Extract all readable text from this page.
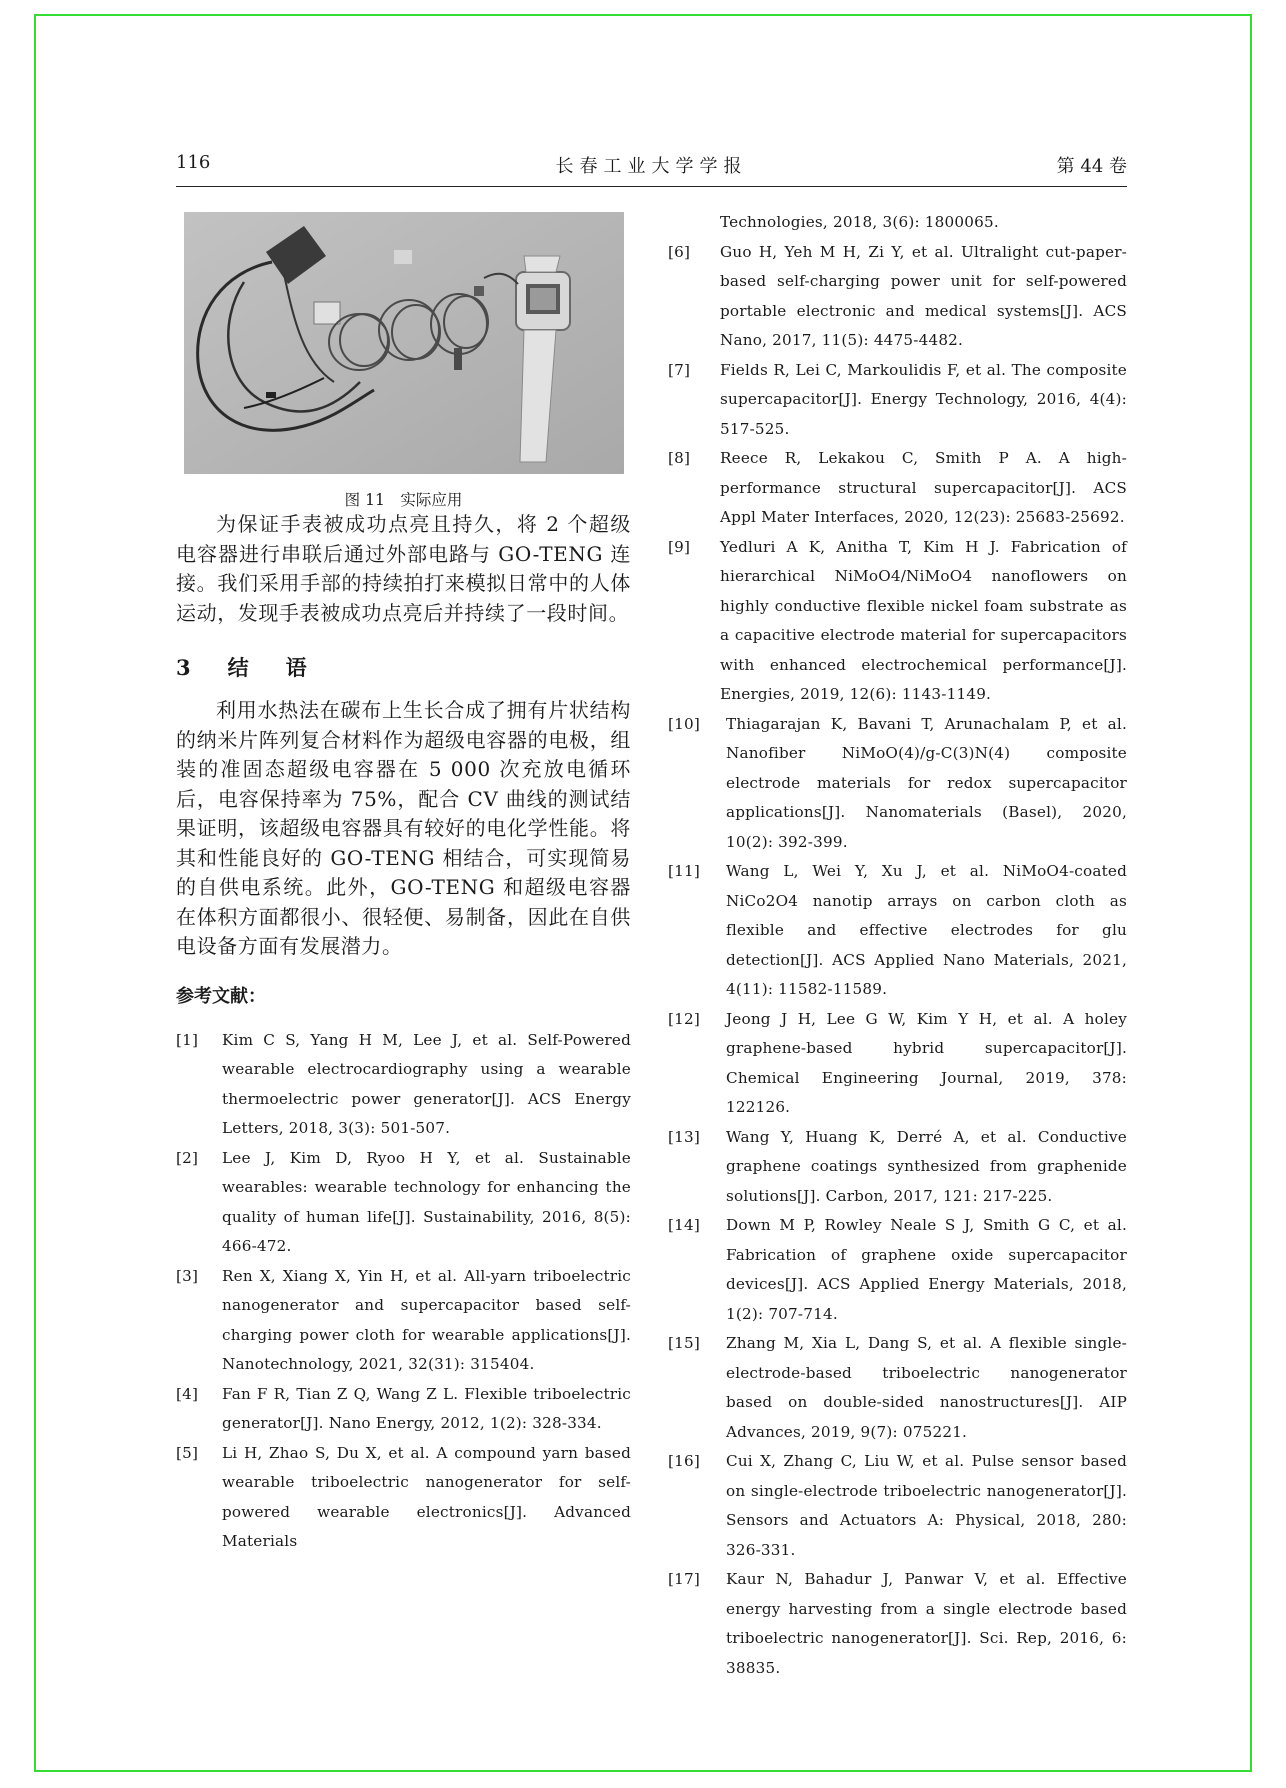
116	长春工业大学学报	第 44 卷
图 11　实际应用

为保证手表被成功点亮且持久，将 2 个超级电容器进行串联后通过外部电路与 GO-TENG 连接。我们采用手部的持续拍打来模拟日常中的人体运动，发现手表被成功点亮后并持续了一段时间。

3　结　语

利用水热法在碳布上生长合成了拥有片状结构的纳米片阵列复合材料作为超级电容器的电极，组装的准固态超级电容器在 5 000 次充放电循环后，电容保持率为 75%，配合 CV 曲线的测试结果证明，该超级电容器具有较好的电化学性能。将其和性能良好的 GO-TENG 相结合，可实现简易的自供电系统。此外，GO-TENG 和超级电容器在体积方面都很小、很轻便、易制备，因此在自供电设备方面有发展潜力。

参考文献：
[1] Kim C S, Yang H M, Lee J, et al. Self-Powered wearable electrocardiography using a wearable thermoelectric power generator[J]. ACS Energy Letters, 2018, 3(3): 501-507.
[2] Lee J, Kim D, Ryoo H Y, et al. Sustainable wearables: wearable technology for enhancing the quality of human life[J]. Sustainability, 2016, 8(5): 466-472.
[3] Ren X, Xiang X, Yin H, et al. All-yarn triboelectric nanogenerator and supercapacitor based self-charging power cloth for wearable applications[J]. Nanotechnology, 2021, 32(31): 315404.
[4] Fan F R, Tian Z Q, Wang Z L. Flexible triboelectric generator[J]. Nano Energy, 2012, 1(2): 328-334.
[5] Li H, Zhao S, Du X, et al. A compound yarn based wearable triboelectric nanogenerator for self-powered wearable electronics[J]. Advanced Materials
Technologies, 2018, 3(6): 1800065.
[6] Guo H, Yeh M H, Zi Y, et al. Ultralight cut-paper-based self-charging power unit for self-powered portable electronic and medical systems[J]. ACS Nano, 2017, 11(5): 4475-4482.
[7] Fields R, Lei C, Markoulidis F, et al. The composite supercapacitor[J]. Energy Technology, 2016, 4(4): 517-525.
[8] Reece R, Lekakou C, Smith P A. A high-performance structural supercapacitor[J]. ACS Appl Mater Interfaces, 2020, 12(23): 25683-25692.
[9] Yedluri A K, Anitha T, Kim H J. Fabrication of hierarchical NiMoO4/NiMoO4 nanoflowers on highly conductive flexible nickel foam substrate as a capacitive electrode material for supercapacitors with enhanced electrochemical performance[J]. Energies, 2019, 12(6): 1143-1149.
[10] Thiagarajan K, Bavani T, Arunachalam P, et al. Nanofiber NiMoO(4)/g-C(3)N(4) composite electrode materials for redox supercapacitor applications[J]. Nanomaterials (Basel), 2020, 10(2): 392-399.
[11] Wang L, Wei Y, Xu J, et al. NiMoO4-coated NiCo2O4 nanotip arrays on carbon cloth as flexible and effective electrodes for glu detection[J]. ACS Applied Nano Materials, 2021, 4(11): 11582-11589.
[12] Jeong J H, Lee G W, Kim Y H, et al. A holey graphene-based hybrid supercapacitor[J]. Chemical Engineering Journal, 2019, 378: 122126.
[13] Wang Y, Huang K, Derré A, et al. Conductive graphene coatings synthesized from graphenide solutions[J]. Carbon, 2017, 121: 217-225.
[14] Down M P, Rowley Neale S J, Smith G C, et al. Fabrication of graphene oxide supercapacitor devices[J]. ACS Applied Energy Materials, 2018, 1(2): 707-714.
[15] Zhang M, Xia L, Dang S, et al. A flexible single-electrode-based triboelectric nanogenerator based on double-sided nanostructures[J]. AIP Advances, 2019, 9(7): 075221.
[16] Cui X, Zhang C, Liu W, et al. Pulse sensor based on single-electrode triboelectric nanogenerator[J]. Sensors and Actuators A: Physical, 2018, 280: 326-331.
[17] Kaur N, Bahadur J, Panwar V, et al. Effective energy harvesting from a single electrode based triboelectric nanogenerator[J]. Sci. Rep, 2016, 6: 38835.
